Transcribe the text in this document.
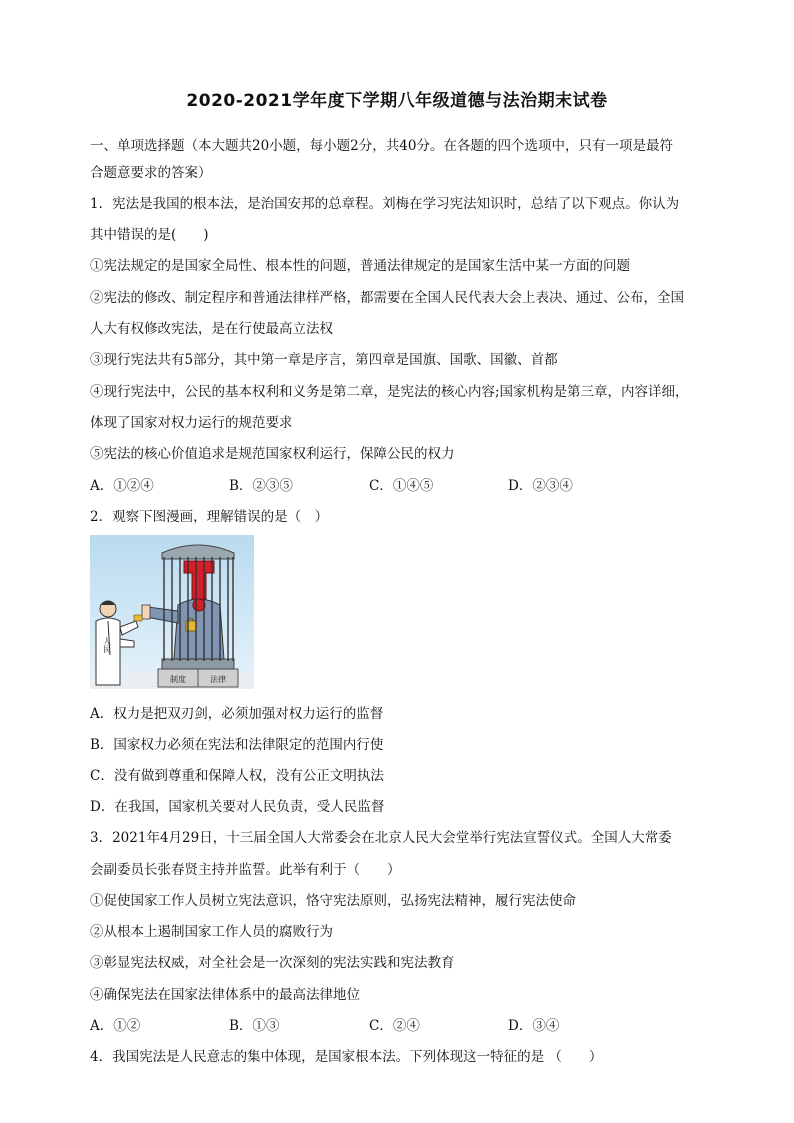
2020-2021学年度下学期八年级道德与法治期末试卷
一、单项选择题（本大题共20小题，每小题2分，共40分。在各题的四个选项中，只有一项是最符
合题意要求的答案）
1．宪法是我国的根本法，是治国安邦的总章程。刘梅在学习宪法知识时，总结了以下观点。你认为
其中错误的是(　　)
①宪法规定的是国家全局性、根本性的问题，普通法律规定的是国家生活中某一方面的问题
②宪法的修改、制定程序和普通法律样严格，都需要在全国人民代表大会上表决、通过、公布，全国
人大有权修改宪法，是在行使最高立法权
③现行宪法共有5部分，其中第一章是序言，第四章是国旗、国歌、国徽、首都
④现行宪法中，公民的基本权利和义务是第二章，是宪法的核心内容;国家机构是第三章，内容详细，
体现了国家对权力运行的规范要求
⑤宪法的核心价值追求是规范国家权利运行，保障公民的权力
A．①②④	B．②③⑤	C．①④⑤	D．②③④
2．观察下图漫画，理解错误的是（　）
制度	法律
人民
A．权力是把双刃剑，必须加强对权力运行的监督
B．国家权力必须在宪法和法律限定的范围内行使
C．没有做到尊重和保障人权，没有公正文明执法
D．在我国，国家机关要对人民负责，受人民监督
3．2021年4月29日，十三届全国人大常委会在北京人民大会堂举行宪法宣誓仪式。全国人大常委
会副委员长张春贤主持并监誓。此举有利于（　　）
①促使国家工作人员树立宪法意识，恪守宪法原则，弘扬宪法精神，履行宪法使命
②从根本上遏制国家工作人员的腐败行为
③彰显宪法权威，对全社会是一次深刻的宪法实践和宪法教育
④确保宪法在国家法律体系中的最高法律地位
A．①②	B．①③	C．②④	D．③④
4．我国宪法是人民意志的集中体现，是国家根本法。下列体现这一特征的是 （　　）
